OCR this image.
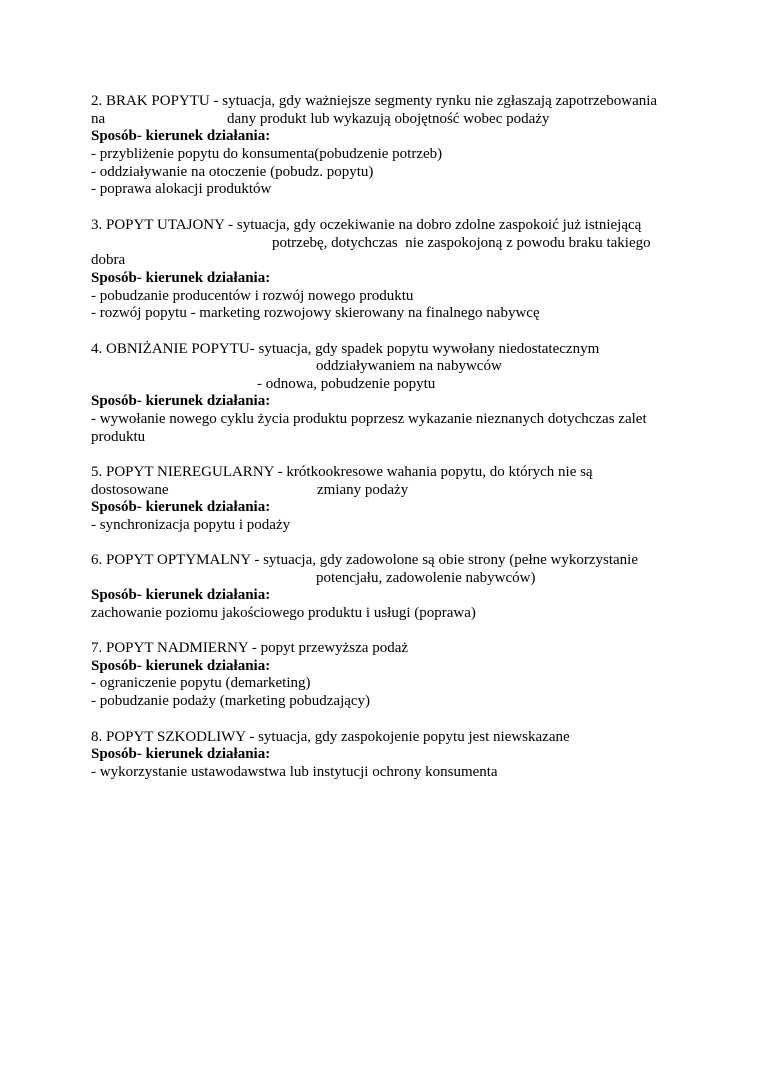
2. BRAK POPYTU - sytuacja, gdy ważniejsze segmenty rynku nie zgłaszają zapotrzebowania
na	dany produkt lub wykazują obojętność wobec podaży
Sposób- kierunek działania:
- przybliżenie popytu do konsumenta(pobudzenie potrzeb)
- oddziaływanie na otoczenie (pobudz. popytu)
- poprawa alokacji produktów
3. POPYT UTAJONY - sytuacja, gdy oczekiwanie na dobro zdolne zaspokoić już istniejącą
potrzebę, dotychczas  nie zaspokojoną z powodu braku takiego
dobra
Sposób- kierunek działania:
- pobudzanie producentów i rozwój nowego produktu
- rozwój popytu - marketing rozwojowy skierowany na finalnego nabywcę
4. OBNIŻANIE POPYTU- sytuacja, gdy spadek popytu wywołany niedostatecznym
oddziaływaniem na nabywców
- odnowa, pobudzenie popytu
Sposób- kierunek działania:
- wywołanie nowego cyklu życia produktu poprzesz wykazanie nieznanych dotychczas zalet
produktu
5. POPYT NIEREGULARNY - krótkookresowe wahania popytu, do których nie są
dostosowane	zmiany podaży
Sposób- kierunek działania:
- synchronizacja popytu i podaży
6. POPYT OPTYMALNY - sytuacja, gdy zadowolone są obie strony (pełne wykorzystanie
potencjału, zadowolenie nabywców)
Sposób- kierunek działania:
zachowanie poziomu jakościowego produktu i usługi (poprawa)
7. POPYT NADMIERNY - popyt przewyższa podaż
Sposób- kierunek działania:
- ograniczenie popytu (demarketing)
- pobudzanie podaży (marketing pobudzający)
8. POPYT SZKODLIWY - sytuacja, gdy zaspokojenie popytu jest niewskazane
Sposób- kierunek działania:
- wykorzystanie ustawodawstwa lub instytucji ochrony konsumenta
